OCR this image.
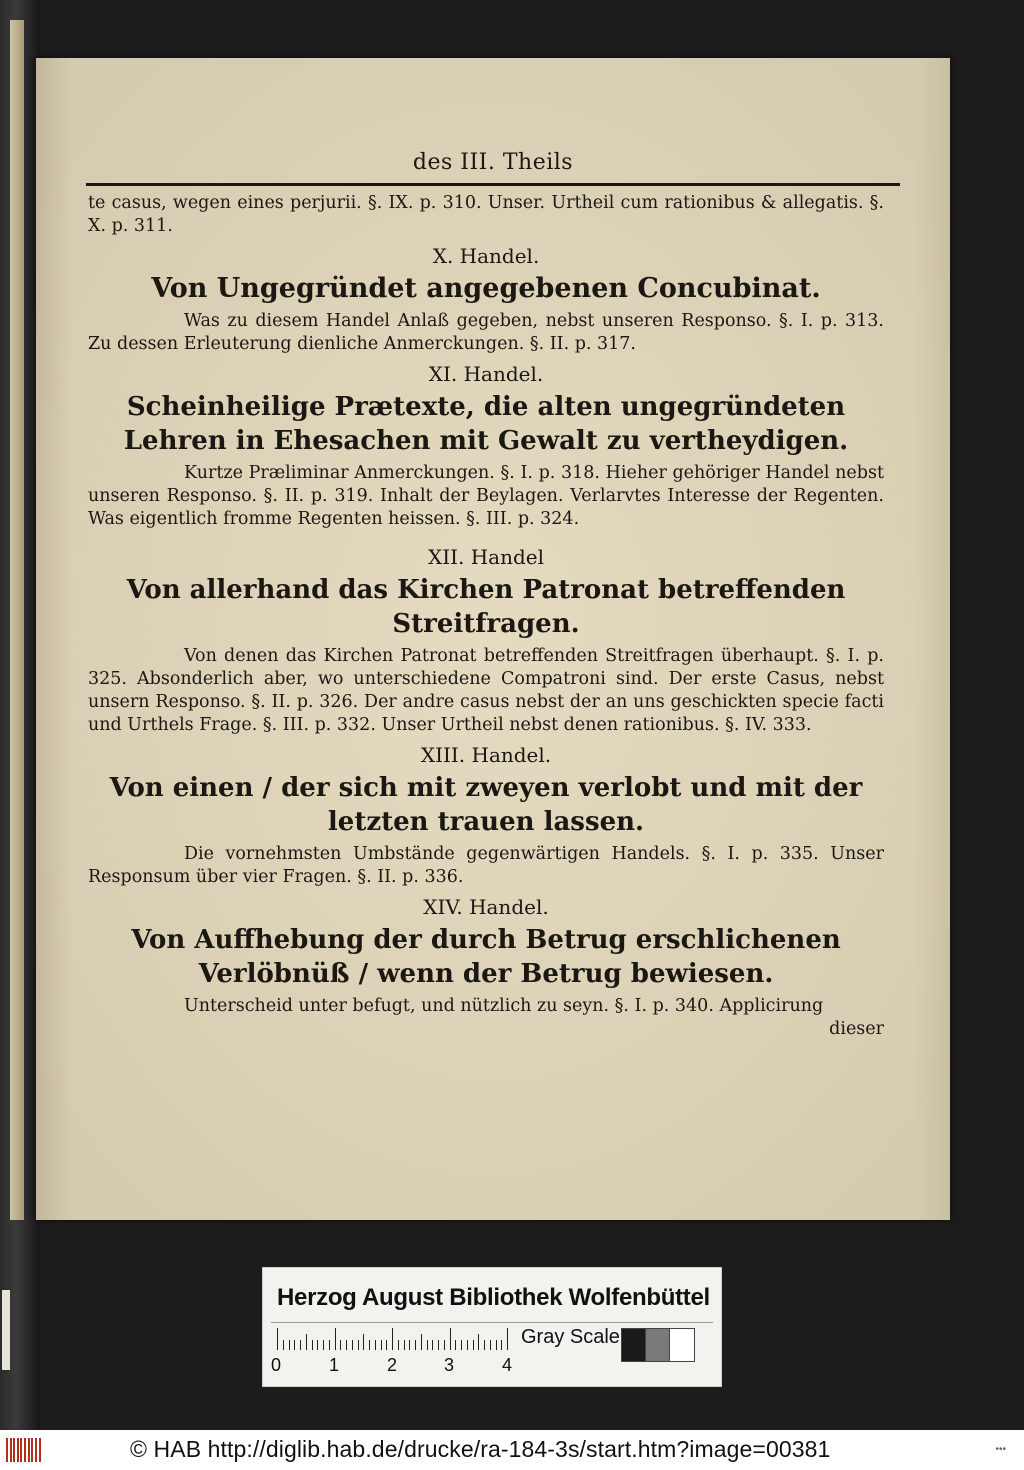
des III. Theils

te casus, wegen eines perjurii. §. IX. p. 310. Unser. Urtheil cum rationibus & allegatis. §. X. p. 311.

X. Handel.
Von Ungegründet angegebenen Concubinat.

Was zu diesem Handel Anlaß gegeben, nebst unseren Responso. §. I. p. 313. Zu dessen Erleuterung dienliche Anmerckungen. §. II. p. 317.

XI. Handel.
Scheinheilige Prætexte, die alten ungegründeten Lehren in Ehesachen mit Gewalt zu vertheydigen.

Kurtze Præliminar Anmerckungen. §. I. p. 318. Hieher gehöriger Handel nebst unseren Responso. §. II. p. 319. Inhalt der Beylagen. Verlarvtes Interesse der Regenten. Was eigentlich fromme Regenten heissen. §. III. p. 324.

XII. Handel
Von allerhand das Kirchen Patronat betreffenden Streitfragen.

Von denen das Kirchen Patronat betreffenden Streitfragen überhaupt. §. I. p. 325. Absonderlich aber, wo unterschiedene Compatroni sind. Der erste Casus, nebst unsern Responso. §. II. p. 326. Der andre casus nebst der an uns geschickten specie facti und Urthels Frage. §. III. p. 332. Unser Urtheil nebst denen rationibus. §. IV. 333.

XIII. Handel.
Von einen / der sich mit zweyen verlobt und mit der letzten trauen lassen.

Die vornehmsten Umbstände gegenwärtigen Handels. §. I. p. 335. Unser Responsum über vier Fragen. §. II. p. 336.

XIV. Handel.
Von Auffhebung der durch Betrug erschlichenen Verlöbnüß / wenn der Betrug bewiesen.

Unterscheid unter befugt, und nützlich zu seyn. §. I. p. 340. Applicirung

dieser

Herzog August Bibliothek Wolfenbüttel
0	1	2	3	4
Gray Scale
© HAB http://diglib.hab.de/drucke/ra-184-3s/start.htm?image=00381	•••
